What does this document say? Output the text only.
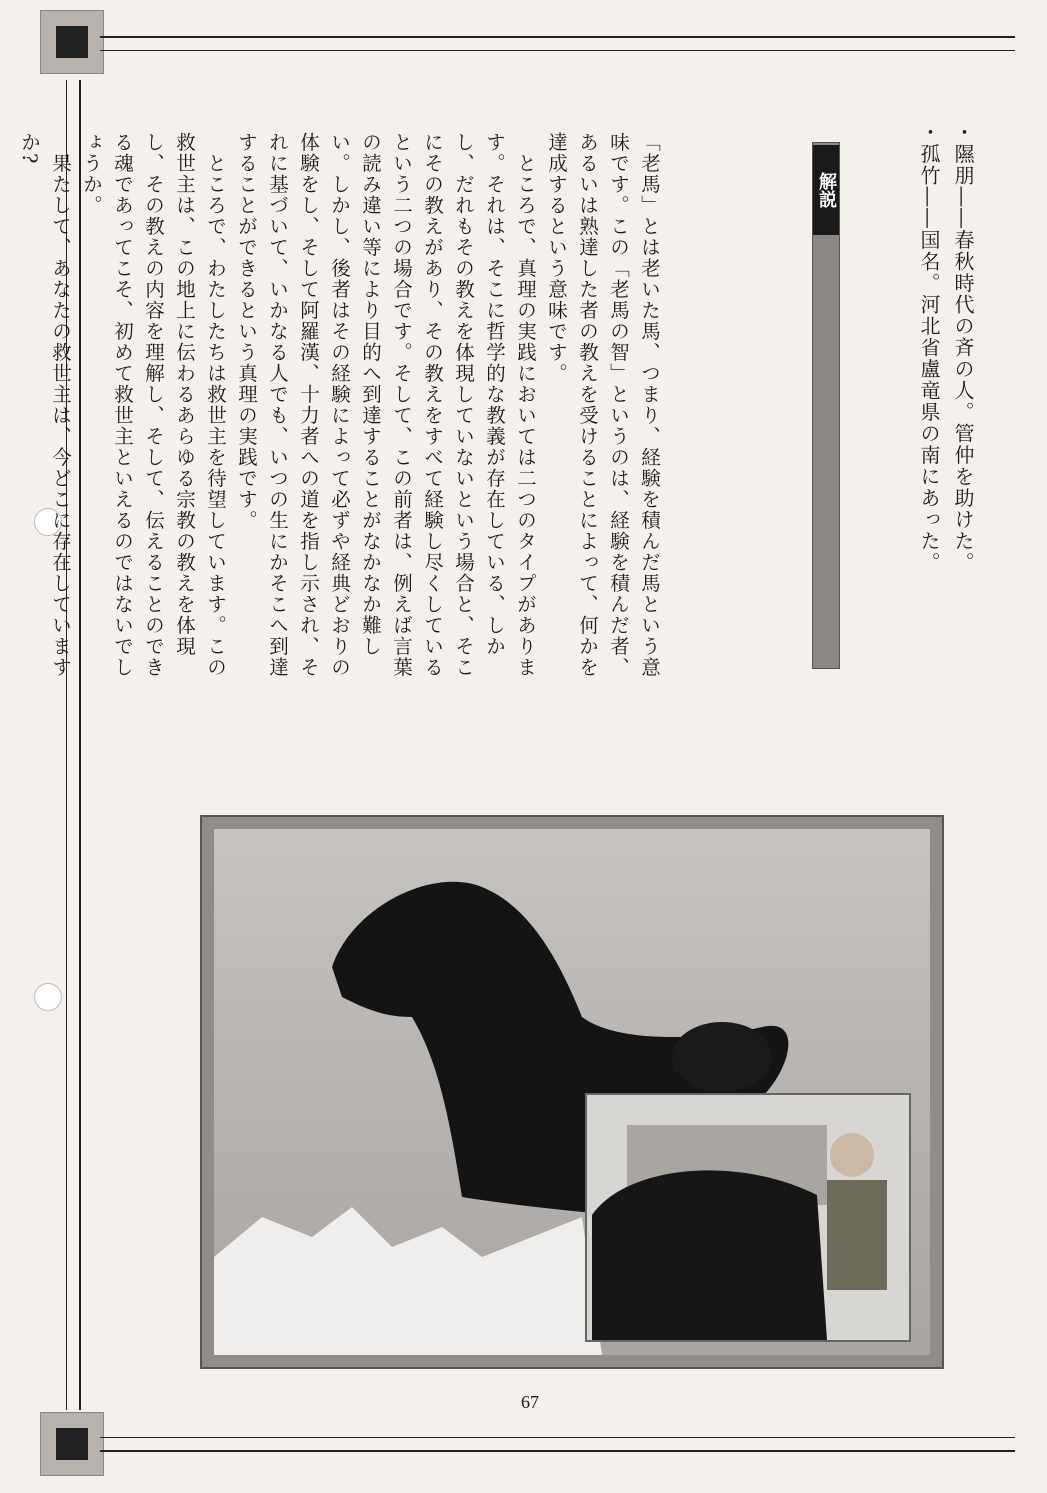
・隰朋――春秋時代の斉の人。管仲を助けた。
・孤竹――国名。河北省盧竜県の南にあった。
解説
「老馬」とは老いた馬、つまり、経験を積んだ馬という意味です。この「老馬の智」というのは、経験を積んだ者、あるいは熟達した者の教えを受けることによって、何かを達成するという意味です。
　ところで、真理の実践においては二つのタイプがあります。それは、そこに哲学的な教義が存在している、しかし、だれもその教えを体現していないという場合と、そこにその教えがあり、その教えをすべて経験し尽くしているという二つの場合です。そして、この前者は、例えば言葉の読み違い等により目的へ到達することがなかなか難しい。しかし、後者はその経験によって必ずや経典どおりの体験をし、そして阿羅漢、十力者への道を指し示され、それに基づいて、いかなる人でも、いつの生にかそこへ到達することができるという真理の実践です。
　ところで、わたしたちは救世主を待望しています。この救世主は、この地上に伝わるあらゆる宗教の教えを体現し、その教えの内容を理解し、そして、伝えることのできる魂であってこそ、初めて救世主といえるのではないでしょうか。
　果たして、あなたの救世主は、今どこに存在していますか?
67
